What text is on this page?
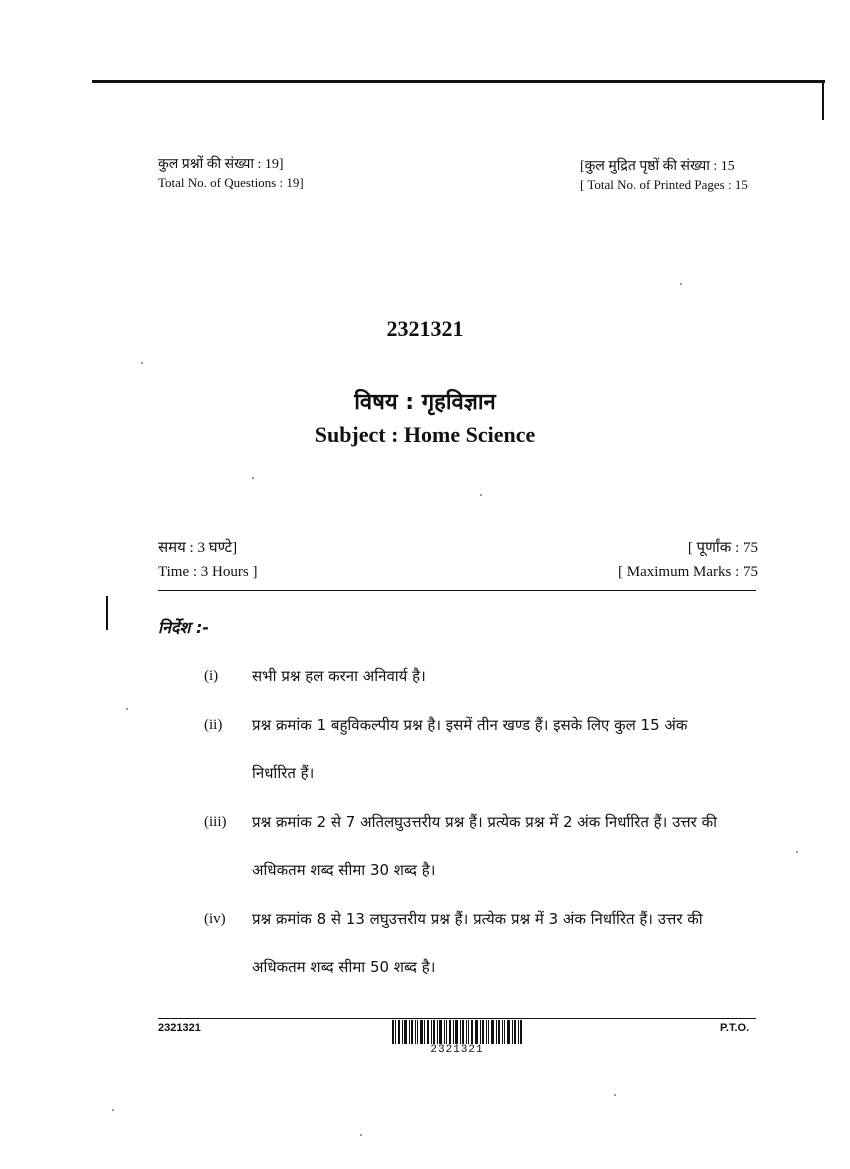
कुल प्रश्नों की संख्या : 19]
Total No. of Questions : 19]
[कुल मुद्रित पृष्ठों की संख्या : 15
[ Total No. of Printed Pages : 15
2321321
विषय : गृहविज्ञान
Subject : Home Science
समय : 3 घण्टे]
Time : 3 Hours ]
[ पूर्णांक : 75
[ Maximum Marks : 75
निर्देश :-
(i) सभी प्रश्न हल करना अनिवार्य है।
(ii) प्रश्न क्रमांक 1 बहुविकल्पीय प्रश्न है। इसमें तीन खण्ड हैं। इसके लिए कुल 15 अंक
निर्धारित हैं।
(iii) प्रश्न क्रमांक 2 से 7 अतिलघुउत्तरीय प्रश्न हैं। प्रत्येक प्रश्न में 2 अंक निर्धारित हैं। उत्तर की
अधिकतम शब्द सीमा 30 शब्द है।
(iv) प्रश्न क्रमांक 8 से 13 लघुउत्तरीय प्रश्न हैं। प्रत्येक प्रश्न में 3 अंक निर्धारित हैं। उत्तर की
अधिकतम शब्द सीमा 50 शब्द है।
2321321
2321321
P.T.O.
